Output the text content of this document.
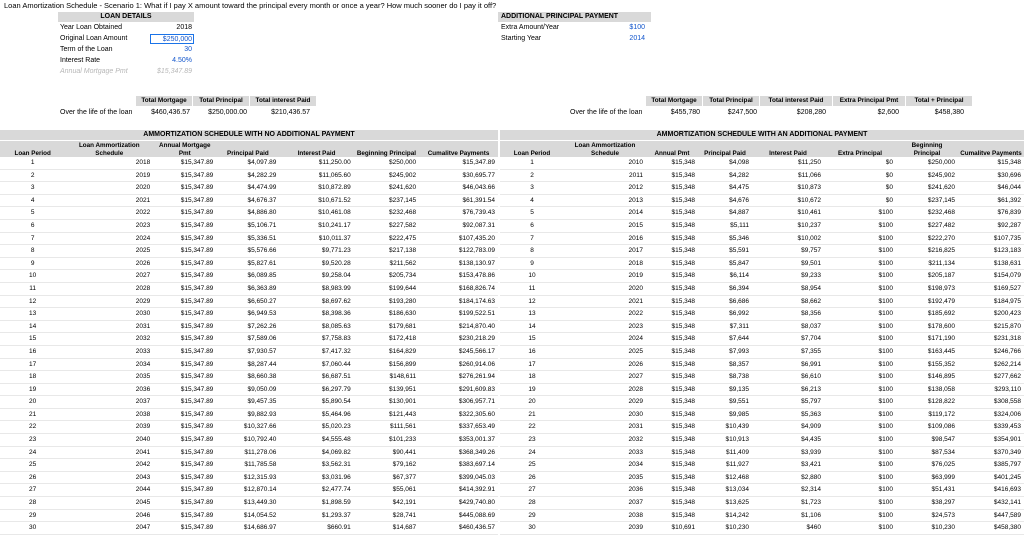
Loan Amortization Schedule - Scenario 1: What if I pay X amount toward the principal every month or once a year? How much sooner do I pay it off?
LOAN DETAILS
Year Loan Obtained	2018
Original Loan Amount	$250,000
Term of the Loan	30
Interest Rate	4.50%
Annual Mortgage Pmt	$15,347.89
ADDITIONAL PRINCIPAL PAYMENT
Extra Amount/Year	$100
Starting Year	2014
Total Mortgage	Total Principal	Total interest Paid
Over the life of the loan	$460,436.57	$250,000.00	$210,436.57
Total Mortgage	Total Principal	Total interest Paid	Extra Principal Pmt	Total + Principal
Over the life of the loan	$455,780	$247,500	$208,280	$2,600	$458,380
AMMORTIZATION SCHEDULE WITH NO ADDITIONAL PAYMENT	AMMORTIZATION SCHEDULE WITH AN ADDITIONAL PAYMENT
Loan Period	Loan Ammortization Schedule	Annual Mortgage Pmt	Principal Paid	Interest Paid	Beginning Principal	Cumalitve Payments
1	2018	$15,347.89	$4,097.89	$11,250.00	$250,000	$15,347.89
2	2019	$15,347.89	$4,282.29	$11,065.60	$245,902	$30,695.77
3	2020	$15,347.89	$4,474.99	$10,872.89	$241,620	$46,043.66
4	2021	$15,347.89	$4,676.37	$10,671.52	$237,145	$61,391.54
5	2022	$15,347.89	$4,886.80	$10,461.08	$232,468	$76,739.43
6	2023	$15,347.89	$5,106.71	$10,241.17	$227,582	$92,087.31
7	2024	$15,347.89	$5,336.51	$10,011.37	$222,475	$107,435.20
8	2025	$15,347.89	$5,576.66	$9,771.23	$217,138	$122,783.09
9	2026	$15,347.89	$5,827.61	$9,520.28	$211,562	$138,130.97
10	2027	$15,347.89	$6,089.85	$9,258.04	$205,734	$153,478.86
11	2028	$15,347.89	$6,363.89	$8,983.99	$199,644	$168,826.74
12	2029	$15,347.89	$6,650.27	$8,697.62	$193,280	$184,174.63
13	2030	$15,347.89	$6,949.53	$8,398.36	$186,630	$199,522.51
14	2031	$15,347.89	$7,262.26	$8,085.63	$179,681	$214,870.40
15	2032	$15,347.89	$7,589.06	$7,758.83	$172,418	$230,218.29
16	2033	$15,347.89	$7,930.57	$7,417.32	$164,829	$245,566.17
17	2034	$15,347.89	$8,287.44	$7,060.44	$156,899	$260,914.06
18	2035	$15,347.89	$8,660.38	$6,687.51	$148,611	$276,261.94
19	2036	$15,347.89	$9,050.09	$6,297.79	$139,951	$291,609.83
20	2037	$15,347.89	$9,457.35	$5,890.54	$130,901	$306,957.71
21	2038	$15,347.89	$9,882.93	$5,464.96	$121,443	$322,305.60
22	2039	$15,347.89	$10,327.66	$5,020.23	$111,561	$337,653.49
23	2040	$15,347.89	$10,792.40	$4,555.48	$101,233	$353,001.37
24	2041	$15,347.89	$11,278.06	$4,069.82	$90,441	$368,349.26
25	2042	$15,347.89	$11,785.58	$3,562.31	$79,162	$383,697.14
26	2043	$15,347.89	$12,315.93	$3,031.96	$67,377	$399,045.03
27	2044	$15,347.89	$12,870.14	$2,477.74	$55,061	$414,392.91
28	2045	$15,347.89	$13,449.30	$1,898.59	$42,191	$429,740.80
29	2046	$15,347.89	$14,054.52	$1,293.37	$28,741	$445,088.69
30	2047	$15,347.89	$14,686.97	$660.91	$14,687	$460,436.57
Loan Period	Loan Ammortization Schedule	Annual Pmt	Principal Paid	Interest Paid	Extra Principal	Beginning Principal	Cumalitve Payments
1	2010	$15,348	$4,098	$11,250	$0	$250,000	$15,348
2	2011	$15,348	$4,282	$11,066	$0	$245,902	$30,696
3	2012	$15,348	$4,475	$10,873	$0	$241,620	$46,044
4	2013	$15,348	$4,676	$10,672	$0	$237,145	$61,392
5	2014	$15,348	$4,887	$10,461	$100	$232,468	$76,839
6	2015	$15,348	$5,111	$10,237	$100	$227,482	$92,287
7	2016	$15,348	$5,346	$10,002	$100	$222,270	$107,735
8	2017	$15,348	$5,591	$9,757	$100	$216,825	$123,183
9	2018	$15,348	$5,847	$9,501	$100	$211,134	$138,631
10	2019	$15,348	$6,114	$9,233	$100	$205,187	$154,079
11	2020	$15,348	$6,394	$8,954	$100	$198,973	$169,527
12	2021	$15,348	$6,686	$8,662	$100	$192,479	$184,975
13	2022	$15,348	$6,992	$8,356	$100	$185,692	$200,423
14	2023	$15,348	$7,311	$8,037	$100	$178,600	$215,870
15	2024	$15,348	$7,644	$7,704	$100	$171,190	$231,318
16	2025	$15,348	$7,993	$7,355	$100	$163,445	$246,766
17	2026	$15,348	$8,357	$6,991	$100	$155,352	$262,214
18	2027	$15,348	$8,738	$6,610	$100	$146,895	$277,662
19	2028	$15,348	$9,135	$6,213	$100	$138,058	$293,110
20	2029	$15,348	$9,551	$5,797	$100	$128,822	$308,558
21	2030	$15,348	$9,985	$5,363	$100	$119,172	$324,006
22	2031	$15,348	$10,439	$4,909	$100	$109,086	$339,453
23	2032	$15,348	$10,913	$4,435	$100	$98,547	$354,901
24	2033	$15,348	$11,409	$3,939	$100	$87,534	$370,349
25	2034	$15,348	$11,927	$3,421	$100	$76,025	$385,797
26	2035	$15,348	$12,468	$2,880	$100	$63,999	$401,245
27	2036	$15,348	$13,034	$2,314	$100	$51,431	$416,693
28	2037	$15,348	$13,625	$1,723	$100	$38,297	$432,141
29	2038	$15,348	$14,242	$1,106	$100	$24,573	$447,589
30	2039	$10,691	$10,230	$460	$100	$10,230	$458,380
